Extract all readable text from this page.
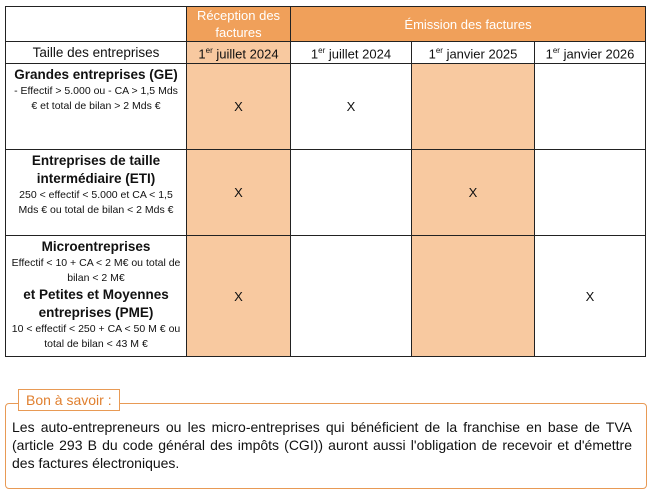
	Réception des factures	Émission des factures		
Taille des entreprises	1er juillet 2024	1er juillet 2024	1er janvier 2025	1er janvier 2026

Grandes entreprises (GE)
- Effectif > 5.000 ou - CA > 1,5 Mds € et total de bilan > 2 Mds €	X	X		

Entreprises de taille intermédiaire (ETI)
250 < effectif < 5.000 et CA < 1,5 Mds € ou total de bilan < 2 Mds €	X		X	

Microentreprises
Effectif < 10 + CA < 2 M€ ou total de bilan < 2 M€
et Petites et Moyennes entreprises (PME)
10 < effectif < 250 + CA < 50 M € ou total de bilan < 43 M €	X			X
Bon à savoir :
Les auto-entrepreneurs ou les micro-entreprises qui bénéficient de la franchise en base de TVA (article 293 B du code général des impôts (CGI)) auront aussi l'obligation de recevoir et d'émettre des factures électroniques.
